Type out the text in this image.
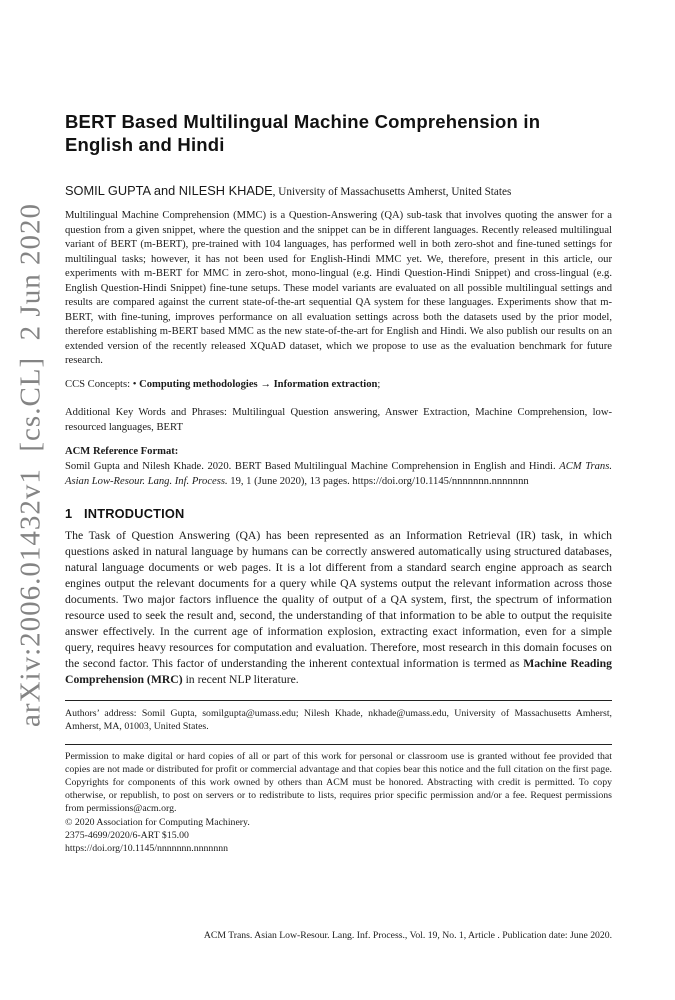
arXiv:2006.01432v1  [cs.CL]  2 Jun 2020
BERT Based Multilingual Machine Comprehension in English and Hindi
SOMIL GUPTA and NILESH KHADE, University of Massachusetts Amherst, United States

Multilingual Machine Comprehension (MMC) is a Question-Answering (QA) sub-task that involves quoting the answer for a question from a given snippet, where the question and the snippet can be in different languages. Recently released multilingual variant of BERT (m-BERT), pre-trained with 104 languages, has performed well in both zero-shot and fine-tuned settings for multilingual tasks; however, it has not been used for English-Hindi MMC yet. We, therefore, present in this article, our experiments with m-BERT for MMC in zero-shot, mono-lingual (e.g. Hindi Question-Hindi Snippet) and cross-lingual (e.g. English Question-Hindi Snippet) fine-tune setups. These model variants are evaluated on all possible multilingual settings and results are compared against the current state-of-the-art sequential QA system for these languages. Experiments show that m-BERT, with fine-tuning, improves performance on all evaluation settings across both the datasets used by the prior model, therefore establishing m-BERT based MMC as the new state-of-the-art for English and Hindi. We also publish our results on an extended version of the recently released XQuAD dataset, which we propose to use as the evaluation benchmark for future research.

CCS Concepts: • Computing methodologies → Information extraction;

Additional Key Words and Phrases: Multilingual Question answering, Answer Extraction, Machine Comprehension, low-resourced languages, BERT

ACM Reference Format:
Somil Gupta and Nilesh Khade. 2020. BERT Based Multilingual Machine Comprehension in English and Hindi. ACM Trans. Asian Low-Resour. Lang. Inf. Process. 19, 1 (June 2020), 13 pages. https://doi.org/10.1145/nnnnnnn.nnnnnnn
1 INTRODUCTION

The Task of Question Answering (QA) has been represented as an Information Retrieval (IR) task, in which questions asked in natural language by humans can be correctly answered automatically using structured databases, natural language documents or web pages. It is a lot different from a standard search engine approach as search engines output the relevant documents for a query while QA systems output the relevant information across those documents. Two major factors influence the quality of output of a QA system, first, the spectrum of information resource used to seek the result and, second, the understanding of that information to be able to output the requisite answer effectively. In the current age of information explosion, extracting exact information, even for a simple query, requires heavy resources for computation and evaluation. Therefore, most research in this domain focuses on the second factor. This factor of understanding the inherent contextual information is termed as Machine Reading Comprehension (MRC) in recent NLP literature.

Authors’ address: Somil Gupta, somilgupta@umass.edu; Nilesh Khade, nkhade@umass.edu, University of Massachusetts Amherst, Amherst, MA, 01003, United States.

Permission to make digital or hard copies of all or part of this work for personal or classroom use is granted without fee provided that copies are not made or distributed for profit or commercial advantage and that copies bear this notice and the full citation on the first page. Copyrights for components of this work owned by others than ACM must be honored. Abstracting with credit is permitted. To copy otherwise, or republish, to post on servers or to redistribute to lists, requires prior specific permission and/or a fee. Request permissions from permissions@acm.org.

© 2020 Association for Computing Machinery.
2375-4699/2020/6-ART $15.00
https://doi.org/10.1145/nnnnnnn.nnnnnnn
ACM Trans. Asian Low-Resour. Lang. Inf. Process., Vol. 19, No. 1, Article . Publication date: June 2020.
